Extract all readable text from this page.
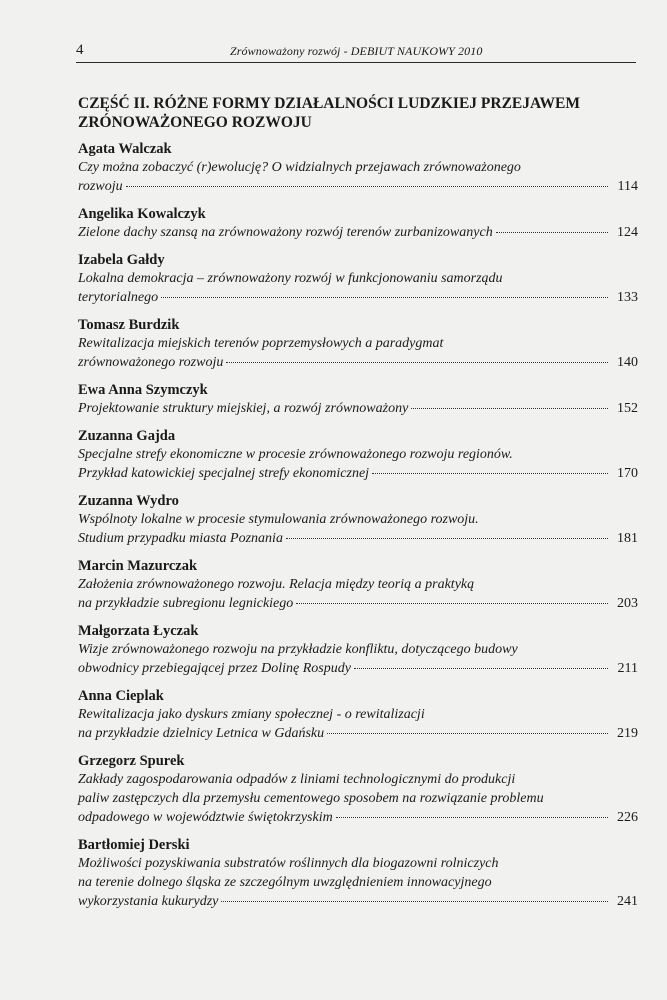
4	Zrównoważony rozwój - DEBIUT NAUKOWY 2010
CZĘŚĆ II. RÓŻNE FORMY DZIAŁALNOŚCI LUDZKIEJ PRZEJAWEM
ZRÓNOWAŻONEGO ROZWOJU
Agata Walczak
Czy można zobaczyć (r)ewolucję? O widzialnych przejawach zrównoważonego
rozwoju	114
Angelika Kowalczyk
Zielone dachy szansą na zrównoważony rozwój terenów zurbanizowanych	124
Izabela Gałdy
Lokalna demokracja – zrównoważony rozwój w funkcjonowaniu samorządu
terytorialnego	133
Tomasz Burdzik
Rewitalizacja miejskich terenów poprzemysłowych a paradygmat
zrównoważonego rozwoju	140
Ewa Anna Szymczyk
Projektowanie struktury miejskiej, a rozwój zrównoważony	152
Zuzanna Gajda
Specjalne strefy ekonomiczne w procesie zrównoważonego rozwoju regionów.
Przykład katowickiej specjalnej strefy ekonomicznej	170
Zuzanna Wydro
Wspólnoty lokalne w procesie stymulowania zrównoważonego rozwoju.
Studium przypadku miasta Poznania	181
Marcin Mazurczak
Założenia zrównoważonego rozwoju. Relacja między teorią a praktyką
na przykładzie subregionu legnickiego	203
Małgorzata Łyczak
Wizje zrównoważonego rozwoju na przykładzie konfliktu, dotyczącego budowy
obwodnicy przebiegającej przez Dolinę Rospudy	211
Anna Cieplak
Rewitalizacja jako dyskurs zmiany społecznej - o rewitalizacji
na przykładzie dzielnicy Letnica w Gdańsku	219
Grzegorz Spurek
Zakłady zagospodarowania odpadów z liniami technologicznymi do produkcji
paliw zastępczych dla przemysłu cementowego sposobem na rozwiązanie problemu
odpadowego w województwie świętokrzyskim	226
Bartłomiej Derski
Możliwości pozyskiwania substratów roślinnych dla biogazowni rolniczych
na terenie dolnego śląska ze szczególnym uwzględnieniem innowacyjnego
wykorzystania kukurydzy	241
